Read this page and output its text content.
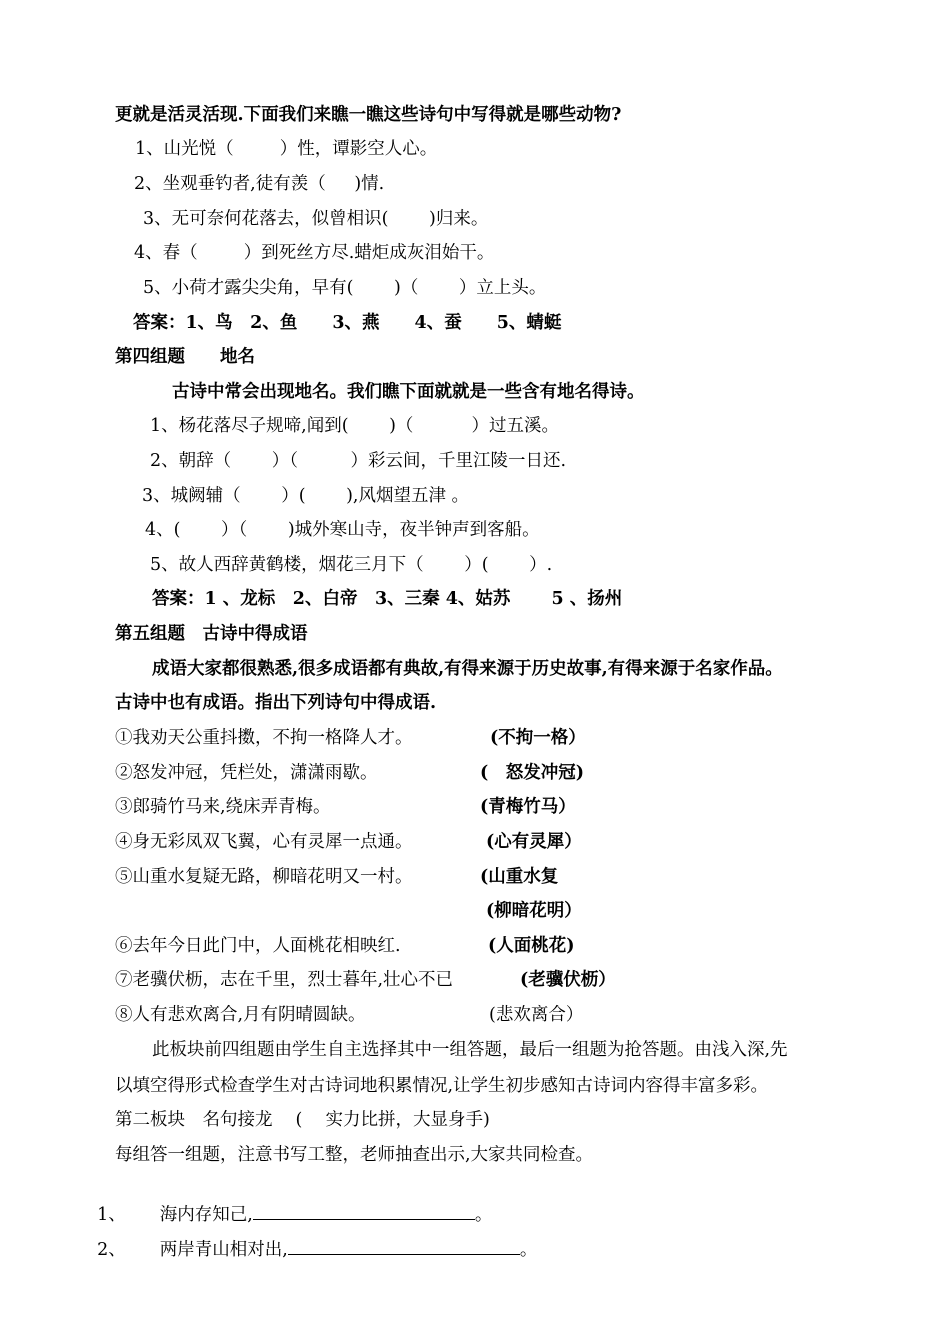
更就是活灵活现.下面我们来瞧一瞧这些诗句中写得就是哪些动物?
1、山光悦（ 　　 ）性，谭影空人心。
2、坐观垂钓者,徒有羡（ 　 )情.
3、无可奈何花落去，似曾相识(　 　)归来。
4、春（ 　　 ）到死丝方尽.蜡炬成灰泪始干。
5、小荷才露尖尖角，早有(　 　)（　　 ）立上头。
答案：1、鸟　2、鱼　　3、燕　　4、蚕　　5、蜻蜓
第四组题　　地名
古诗中常会出现地名。我们瞧下面就就是一些含有地名得诗。
1、杨花落尽子规啼,闻到(　 　)（　　　 ）过五溪。
2、朝辞（　　 ）（　　　）彩云间，千里江陵一日还.
3、城阙辅（　　 ）(　　 ),风烟望五津 。
4、(　　 ）（　　 )城外寒山寺，夜半钟声到客船。
5、故人西辞黄鹤楼，烟花三月下（　　 ）(　　 ）.
答案：1 、龙标　2、白帝　3、三秦 4、姑苏　　 5 、扬州
第五组题　古诗中得成语
成语大家都很熟悉,很多成语都有典故,有得来源于历史故事,有得来源于名家作品。
古诗中也有成语。指出下列诗句中得成语.
①我劝天公重抖擞，不拘一格降人才。	(不拘一格）
②怒发冲冠，凭栏处，潇潇雨歇。	(　怒发冲冠)
③郎骑竹马来,绕床弄青梅。	(青梅竹马）
④身无彩凤双飞翼，心有灵犀一点通。	(心有灵犀）
⑤山重水复疑无路，柳暗花明又一村。	(山重水复
(柳暗花明）
⑥去年今日此门中，人面桃花相映红.	(人面桃花)
⑦老骥伏枥，志在千里，烈士暮年,壮心不已	(老骥伏枥）
⑧人有悲欢离合,月有阴晴圆缺。	(悲欢离合）
此板块前四组题由学生自主选择其中一组答题，最后一组题为抢答题。由浅入深,先
以填空得形式检查学生对古诗词地积累情况,让学生初步感知古诗词内容得丰富多彩。
第二板块　名句接龙　 (　 实力比拼，大显身手)
每组答一组题，注意书写工整，老师抽查出示,大家共同检查。

1、 海内存知己,	。

2、 两岸青山相对出,	。
